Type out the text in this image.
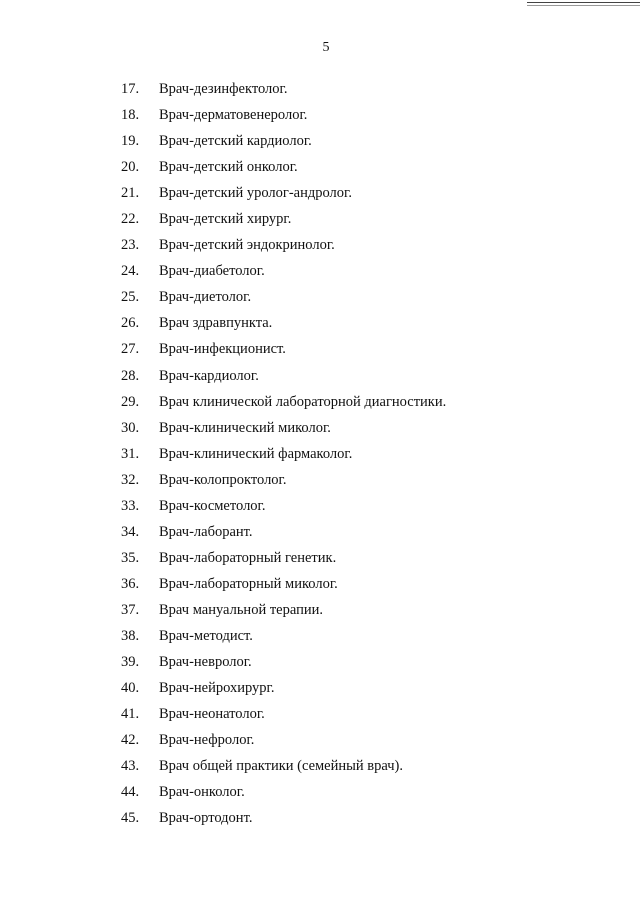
5
17. Врач-дезинфектолог.
18. Врач-дерматовенеролог.
19. Врач-детский кардиолог.
20. Врач-детский онколог.
21. Врач-детский уролог-андролог.
22. Врач-детский хирург.
23. Врач-детский эндокринолог.
24. Врач-диабетолог.
25. Врач-диетолог.
26. Врач здравпункта.
27. Врач-инфекционист.
28. Врач-кардиолог.
29. Врач клинической лабораторной диагностики.
30. Врач-клинический миколог.
31. Врач-клинический фармаколог.
32. Врач-колопроктолог.
33. Врач-косметолог.
34. Врач-лаборант.
35. Врач-лабораторный генетик.
36. Врач-лабораторный миколог.
37. Врач мануальной терапии.
38. Врач-методист.
39. Врач-невролог.
40. Врач-нейрохирург.
41. Врач-неонатолог.
42. Врач-нефролог.
43. Врач общей практики (семейный врач).
44. Врач-онколог.
45. Врач-ортодонт.
